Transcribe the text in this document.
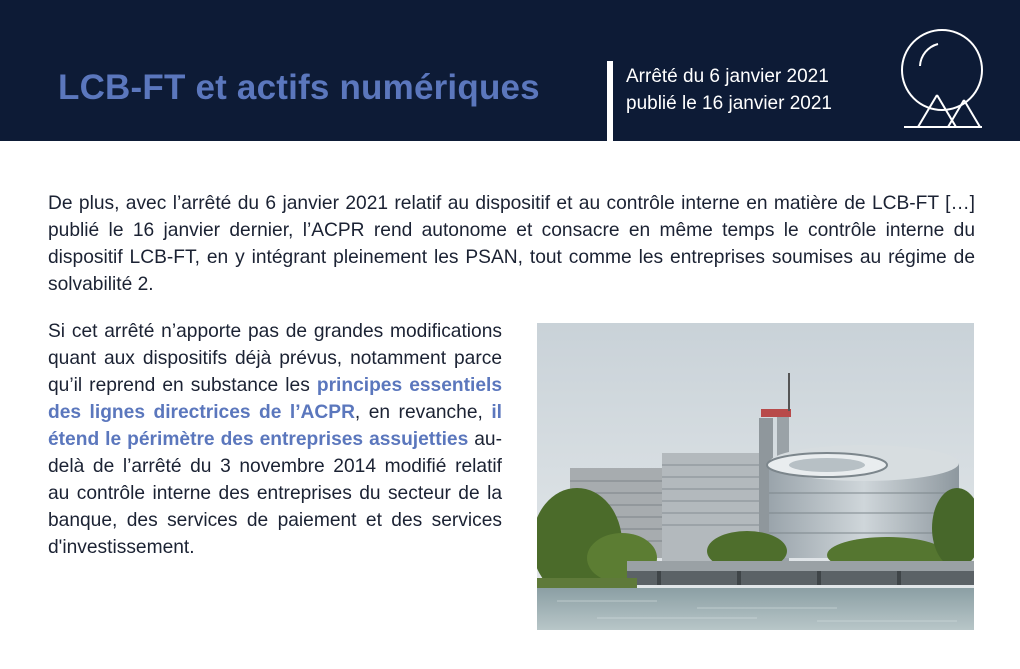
LCB-FT et actifs numériques	Arrêté du 6 janvier 2021
publié le 16 janvier 2021

De plus, avec l’arrêté du 6 janvier 2021 relatif au dispositif et au contrôle interne en matière de LCB-FT […] publié le 16 janvier dernier, l’ACPR rend autonome et consacre en même temps le contrôle interne du dispositif LCB-FT, en y intégrant pleinement les PSAN, tout comme les entreprises soumises au régime de solvabilité 2.

Si cet arrêté n’apporte pas de grandes modifications quant aux dispositifs déjà prévus, notamment parce qu’il reprend en substance les principes essentiels des lignes directrices de l’ACPR, en revanche, il étend le périmètre des entreprises assujetties au-delà de l’arrêté du 3 novembre 2014 modifié relatif au contrôle interne des entreprises du secteur de la banque, des services de paiement et des services d'investissement.
